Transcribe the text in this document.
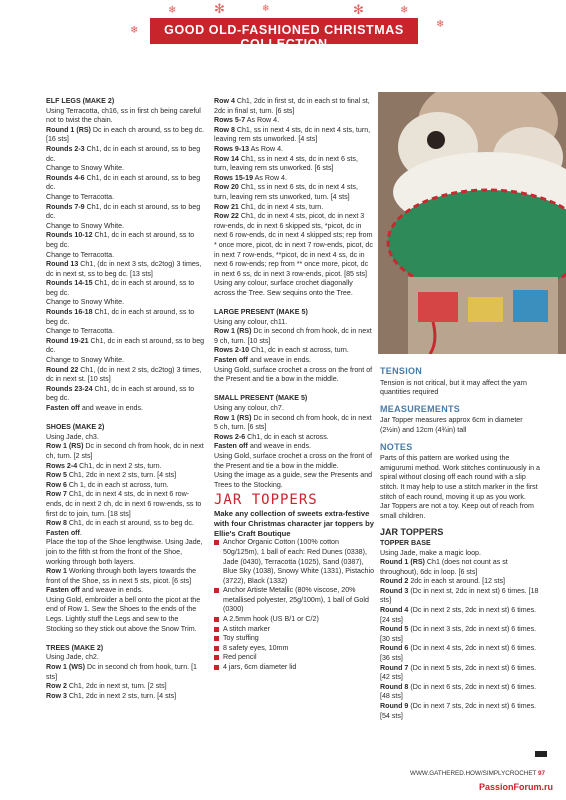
✻
❄	❄	✻	❄
❄
❄	GOOD OLD-FASHIONED CHRISTMAS COLLECTION

ELF LEGS (MAKE 2)

Using Terracotta, ch16, ss in first ch being careful not to twist the chain.

Round 1 (RS) Dc in each ch around, ss to beg dc. [16 sts]

Rounds 2-3 Ch1, dc in each st around, ss to beg dc.

Change to Snowy White.

Rounds 4-6 Ch1, dc in each st around, ss to beg dc.

Change to Terracotta.

Rounds 7-9 Ch1, dc in each st around, ss to beg dc.

Change to Snowy White.

Rounds 10-12 Ch1, dc in each st around, ss to beg dc.

Change to Terracotta.

Round 13 Ch1, (dc in next 3 sts, dc2tog) 3 times, dc in next st, ss to beg dc. [13 sts]

Rounds 14-15 Ch1, dc in each st around, ss to beg dc.

Change to Snowy White.

Rounds 16-18 Ch1, dc in each st around, ss to beg dc.

Change to Terracotta.

Round 19-21 Ch1, dc in each st around, ss to beg dc.

Change to Snowy White.

Round 22 Ch1, (dc in next 2 sts, dc2tog) 3 times, dc in next st. [10 sts]

Rounds 23-24 Ch1, dc in each st around, ss to beg dc.

Fasten off and weave in ends.

SHOES (MAKE 2)

Using Jade, ch3.

Row 1 (RS) Dc in second ch from hook, dc in next ch, turn. [2 sts]

Rows 2-4 Ch1, dc in next 2 sts, turn.

Row 5 Ch1, 2dc in next 2 sts, turn. [4 sts]

Row 6 Ch 1, dc in each st across, turn.

Row 7 Ch1, dc in next 4 sts, dc in next 6 row-ends, dc in next 2 ch, dc in next 6 row-ends, ss to first dc to join, turn. [18 sts]

Row 8 Ch1, dc in each st around, ss to beg dc.

Fasten off.

Place the top of the Shoe lengthwise. Using Jade, join to the fifth st from the front of the Shoe, working through both layers.

Row 1 Working through both layers towards the front of the Shoe, ss in next 5 sts, picot. [6 sts]

Fasten off and weave in ends.

Using Gold, embroider a bell onto the picot at the end of Row 1. Sew the Shoes to the ends of the Legs. Lightly stuff the Legs and sew to the Stocking so they stick out above the Snow Trim.

TREES (MAKE 2)

Using Jade, ch2.

Row 1 (WS) Dc in second ch from hook, turn. [1 sts]

Row 2 Ch1, 2dc in next st, turn. [2 sts]

Row 3 Ch1, 2dc in next 2 sts, turn. [4 sts]

Row 4 Ch1, 2dc in first st, dc in each st to final st, 2dc in final st, turn. [6 sts]

Rows 5-7 As Row 4.

Row 8 Ch1, ss in next 4 sts, dc in next 4 sts, turn, leaving rem sts unworked. [4 sts]

Rows 9-13 As Row 4.

Row 14 Ch1, ss in next 4 sts, dc in next 6 sts, turn, leaving rem sts unworked. [6 sts]

Rows 15-19 As Row 4.

Row 20 Ch1, ss in next 6 sts, dc in next 4 sts, turn, leaving rem sts unworked, turn. [4 sts]

Row 21 Ch1, dc in next 4 sts, turn.

Row 22 Ch1, dc in next 4 sts, picot, dc in next 3 row-ends, dc in next 6 skipped sts, *picot, dc in next 6 row-ends, dc in next 4 skipped sts; rep from * once more, picot, dc in next 7 row-ends, picot, dc in next 7 row-ends, **picot, dc in next 4 ss, dc in next 6 row-ends; rep from ** once more, picot, dc in next 6 ss, dc in next 3 row-ends, picot. [85 sts]

Using any colour, surface crochet diagonally across the Tree. Sew sequins onto the Tree.

LARGE PRESENT (MAKE 5)

Using any colour, ch11.

Row 1 (RS) Dc in second ch from hook, dc in next 9 ch, turn. [10 sts]

Rows 2-10 Ch1, dc in each st across, turn.

Fasten off and weave in ends.

Using Gold, surface crochet a cross on the front of the Present and tie a bow in the middle.

SMALL PRESENT (MAKE 5)

Using any colour, ch7.

Row 1 (RS) Dc in second ch from hook, dc in next 5 ch, turn. [6 sts]

Rows 2-6 Ch1, dc in each st across.

Fasten off and weave in ends.

Using Gold, surface crochet a cross on the front of the Present and tie a bow in the middle.

Using the image as a guide, sew the Presents and Trees to the Stocking.

JAR TOPPERS

Make any collection of sweets extra-festive with four Christmas character jar toppers by Ellie's Craft Boutique

Anchor Organic Cotton (100% cotton 50g/125m), 1 ball of each: Red Dunes (0338), Jade (0430), Terracotta (1025), Sand (0387), Blue Sky (1038), Snowy White (1331), Pistachio (3722), Black (1332)

Anchor Artiste Metallic (80% viscose, 20% metallised polyester, 25g/100m), 1 ball of Gold (0300)

A 2.5mm hook (US B/1 or C/2)

A stitch marker

Toy stuffing

8 safety eyes, 10mm

Red pencil

4 jars, 6cm diameter lid

TENSION

Tension is not critical, but it may affect the yarn quantities required

MEASUREMENTS

Jar Topper measures approx 6cm in diameter (2½in) and 12cm (4¾in) tall

NOTES

Parts of this pattern are worked using the amigurumi method. Work stitches continuously in a spiral without closing off each round with a slip stitch. It may help to use a stitch marker in the first stitch of each round, moving it up as you work.

Jar Toppers are not a toy. Keep out of reach from small children.

JAR TOPPERS

TOPPER BASE

Using Jade, make a magic loop.

Round 1 (RS) Ch1 (does not count as st throughout), 6dc in loop. [6 sts]

Round 2 2dc in each st around. [12 sts]

Round 3 (Dc in next st, 2dc in next st) 6 times. [18 sts]

Round 4 (Dc in next 2 sts, 2dc in next st) 6 times. [24 sts]

Round 5 (Dc in next 3 sts, 2dc in next st) 6 times. [30 sts]

Round 6 (Dc in next 4 sts, 2dc in next st) 6 times. [36 sts]

Round 7 (Dc in next 5 sts, 2dc in next st) 6 times. [42 sts]

Round 8 (Dc in next 6 sts, 2dc in next st) 6 times. [48 sts]

Round 9 (Dc in next 7 sts, 2dc in next st) 6 times. [54 sts]

WWW.GATHERED.HOW/SIMPLYCROCHET 97
PassionForum.ru
